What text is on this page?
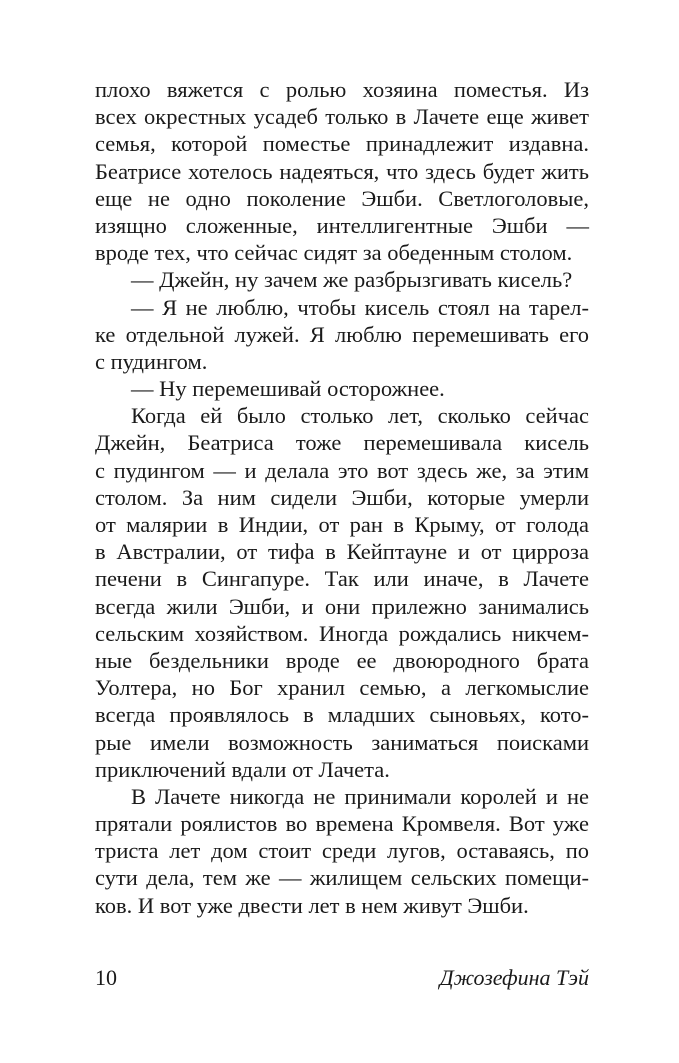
плохо вяжется с ролью хозяина поместья. Из
всех окрестных усадеб только в Лачете еще живет
семья, которой поместье принадлежит издавна.
Беатрисе хотелось надеяться, что здесь будет жить
еще не одно поколение Эшби. Светлоголовые,
изящно сложенные, интеллигентные Эшби —
вроде тех, что сейчас сидят за обеденным столом.
— Джейн, ну зачем же разбрызгивать кисель?
— Я не люблю, чтобы кисель стоял на тарел-
ке отдельной лужей. Я люблю перемешивать его
с пудингом.
— Ну перемешивай осторожнее.
Когда ей было столько лет, сколько сейчас
Джейн, Беатриса тоже перемешивала кисель
с пудингом — и делала это вот здесь же, за этим
столом. За ним сидели Эшби, которые умерли
от малярии в Индии, от ран в Крыму, от голода
в Австралии, от тифа в Кейптауне и от цирроза
печени в Сингапуре. Так или иначе, в Лачете
всегда жили Эшби, и они прилежно занимались
сельским хозяйством. Иногда рождались никчем-
ные бездельники вроде ее двоюродного брата
Уолтера, но Бог хранил семью, а легкомыслие
всегда проявлялось в младших сыновьях, кото-
рые имели возможность заниматься поисками
приключений вдали от Лачета.
В Лачете никогда не принимали королей и не
прятали роялистов во времена Кромвеля. Вот уже
триста лет дом стоит среди лугов, оставаясь, по
сути дела, тем же — жилищем сельских помещи-
ков. И вот уже двести лет в нем живут Эшби.
10	Джозефина Тэй
